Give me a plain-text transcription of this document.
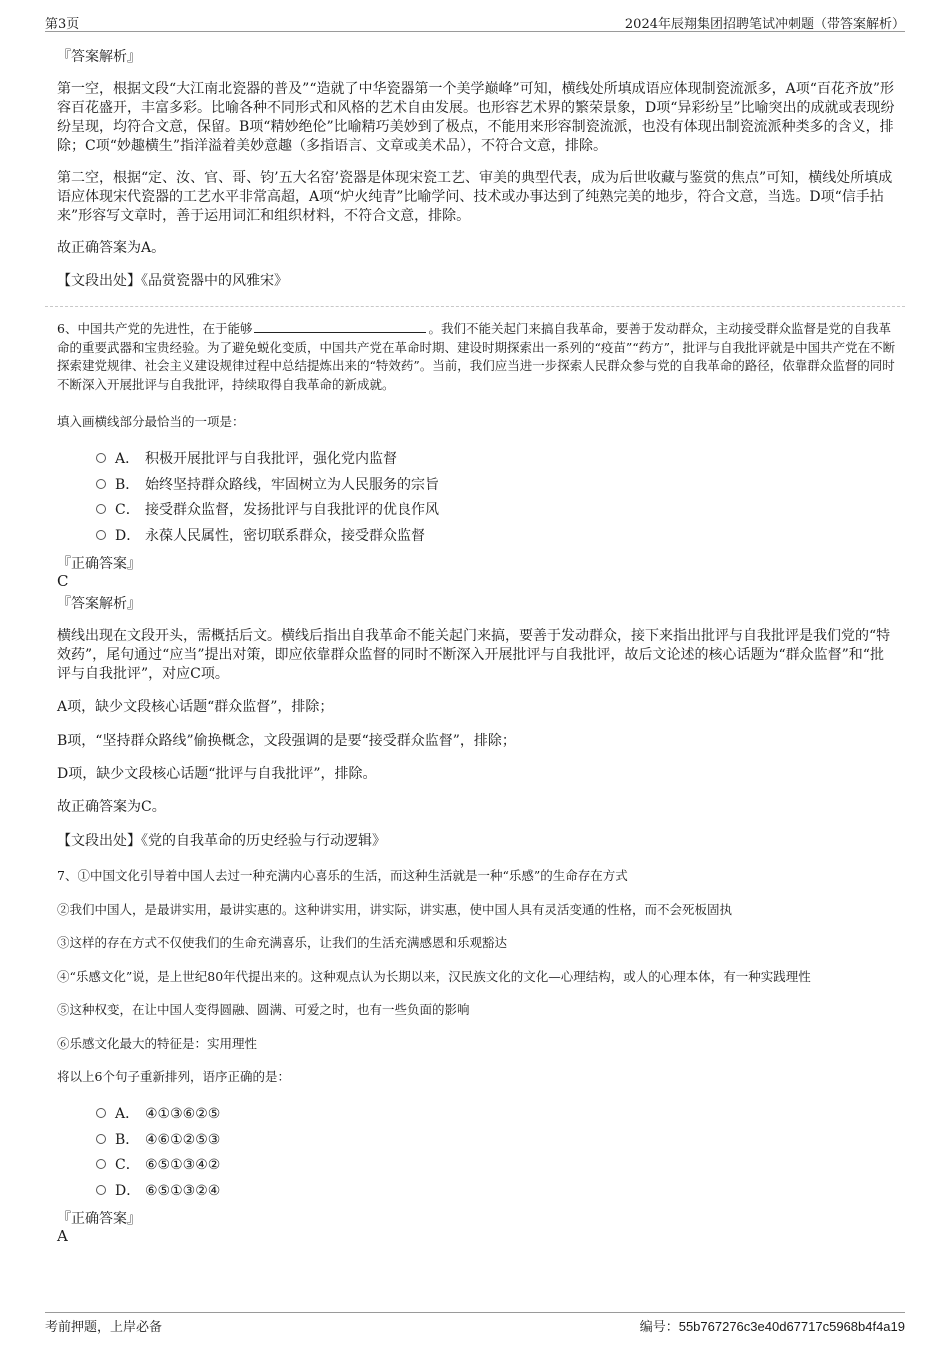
第3页	2024年辰翔集团招聘笔试冲刺题（带答案解析）
『答案解析』

第一空，根据文段“大江南北瓷器的普及”“造就了中华瓷器第一个美学巅峰”可知，横线处所填成语应体现制瓷流派多，A项“百花齐放”形容百花盛开，丰富多彩。比喻各种不同形式和风格的艺术自由发展。也形容艺术界的繁荣景象，D项“异彩纷呈”比喻突出的成就或表现纷纷呈现，均符合文意，保留。B项“精妙绝伦”比喻精巧美妙到了极点，不能用来形容制瓷流派，也没有体现出制瓷流派种类多的含义，排除；C项“妙趣横生”指洋溢着美妙意趣（多指语言、文章或美术品），不符合文意，排除。

第二空，根据“定、汝、官、哥、钧’五大名窑’瓷器是体现宋瓷工艺、审美的典型代表，成为后世收藏与鉴赏的焦点”可知，横线处所填成语应体现宋代瓷器的工艺水平非常高超，A项“炉火纯青”比喻学问、技术或办事达到了纯熟完美的地步，符合文意，当选。D项“信手拈来”形容写文章时，善于运用词汇和组织材料，不符合文意，排除。

故正确答案为A。
【文段出处】《品赏瓷器中的风雅宋》

6、中国共产党的先进性，在于能够	。我们不能关起门来搞自我革命，要善于发动群众，主动接受群众监督是党的自我革命的重要武器和宝贵经验。为了避免蜕化变质，中国共产党在革命时期、建设时期探索出一系列的“疫苗”“药方”，批评与自我批评就是中国共产党在不断探索建党规律、社会主义建设规律过程中总结提炼出来的“特效药”。当前，我们应当进一步探索人民群众参与党的自我革命的路径，依靠群众监督的同时不断深入开展批评与自我批评，持续取得自我革命的新成就。

填入画横线部分最恰当的一项是：
A． 积极开展批评与自我批评，强化党内监督
B． 始终坚持群众路线，牢固树立为人民服务的宗旨
C． 接受群众监督，发扬批评与自我批评的优良作风
D． 永葆人民属性，密切联系群众，接受群众监督
『正确答案』
C
『答案解析』

横线出现在文段开头，需概括后文。横线后指出自我革命不能关起门来搞，要善于发动群众，接下来指出批评与自我批评是我们党的“特效药”，尾句通过“应当”提出对策，即应依靠群众监督的同时不断深入开展批评与自我批评，故后文论述的核心话题为“群众监督”和“批评与自我批评”，对应C项。

A项，缺少文段核心话题“群众监督”，排除；
B项，“坚持群众路线”偷换概念，文段强调的是要“接受群众监督”，排除；
D项，缺少文段核心话题“批评与自我批评”，排除。
故正确答案为C。
【文段出处】《党的自我革命的历史经验与行动逻辑》
7、①中国文化引导着中国人去过一种充满内心喜乐的生活，而这种生活就是一种“乐感”的生命存在方式
②我们中国人，是最讲实用，最讲实惠的。这种讲实用，讲实际，讲实惠，使中国人具有灵活变通的性格，而不会死板固执
③这样的存在方式不仅使我们的生命充满喜乐，让我们的生活充满感恩和乐观豁达
④“乐感文化”说，是上世纪80年代提出来的。这种观点认为长期以来，汉民族文化的文化—心理结构，或人的心理本体，有一种实践理性
⑤这种权变，在让中国人变得圆融、圆满、可爱之时，也有一些负面的影响
⑥乐感文化最大的特征是：实用理性
将以上6个句子重新排列，语序正确的是：
A． ④①③⑥②⑤
B． ④⑥①②⑤③
C． ⑥⑤①③④②
D． ⑥⑤①③②④
『正确答案』
A
考前押题，上岸必备	编号：55b767276c3e40d67717c5968b4f4a19
